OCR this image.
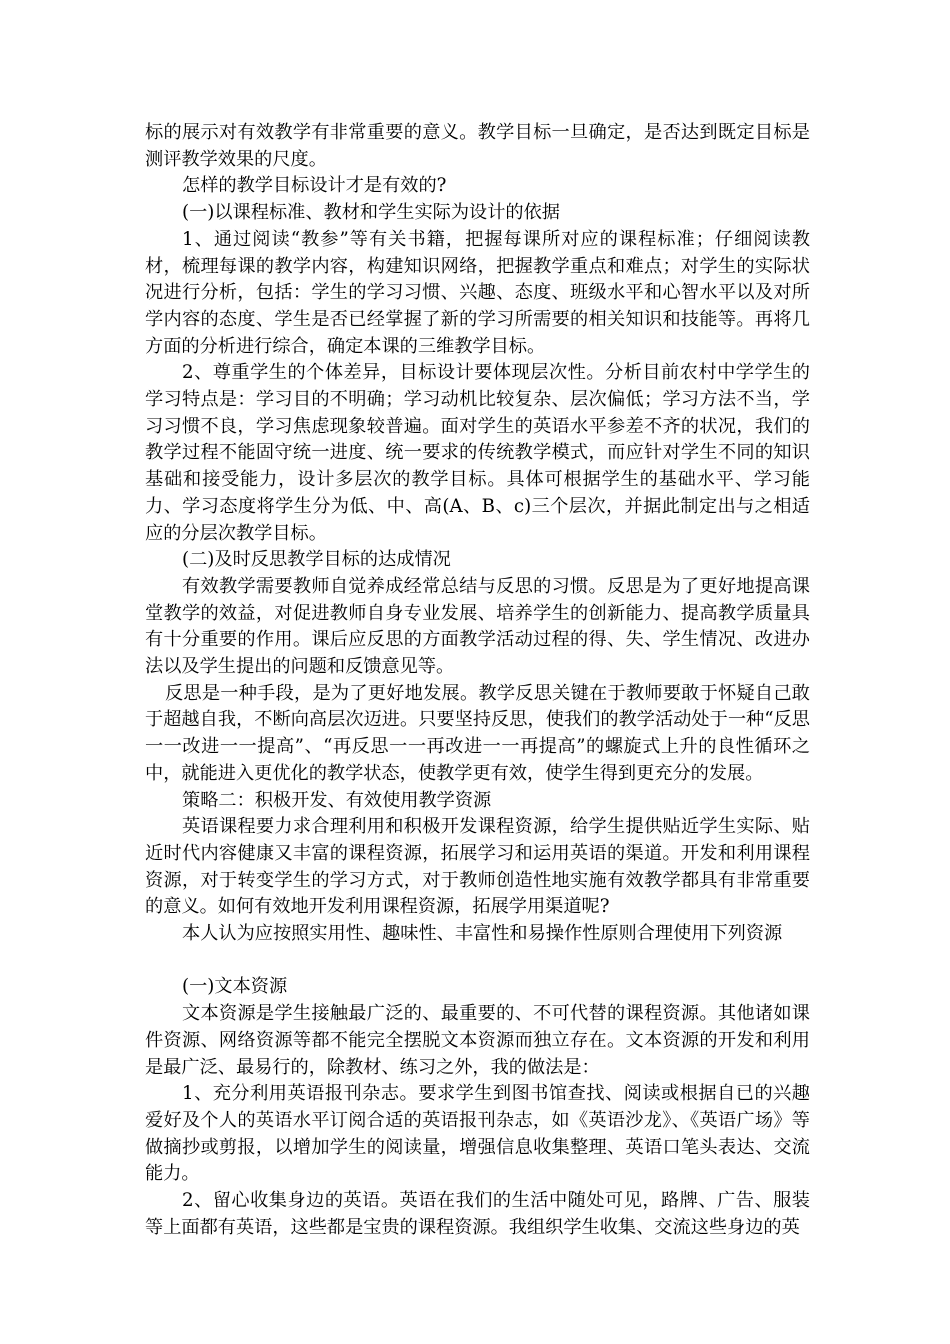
标的展示对有效教学有非常重要的意义。教学目标一旦确定，是否达到既定目标是测评教学效果的尺度。

怎样的教学目标设计才是有效的?

(一)以课程标准、教材和学生实际为设计的依据

1、通过阅读“教参”等有关书籍，把握每课所对应的课程标准；仔细阅读教材，梳理每课的教学内容，构建知识网络，把握教学重点和难点；对学生的实际状况进行分析，包括：学生的学习习惯、兴趣、态度、班级水平和心智水平以及对所学内容的态度、学生是否已经掌握了新的学习所需要的相关知识和技能等。再将几方面的分析进行综合，确定本课的三维教学目标。

2、尊重学生的个体差异，目标设计要体现层次性。分析目前农村中学学生的学习特点是：学习目的不明确；学习动机比较复杂、层次偏低；学习方法不当，学习习惯不良，学习焦虑现象较普遍。面对学生的英语水平参差不齐的状况，我们的教学过程不能固守统一进度、统一要求的传统教学模式，而应针对学生不同的知识基础和接受能力，设计多层次的教学目标。具体可根据学生的基础水平、学习能力、学习态度将学生分为低、中、高(A、B、c)三个层次，并据此制定出与之相适应的分层次教学目标。

(二)及时反思教学目标的达成情况

有效教学需要教师自觉养成经常总结与反思的习惯。反思是为了更好地提高课堂教学的效益，对促进教师自身专业发展、培养学生的创新能力、提高教学质量具有十分重要的作用。课后应反思的方面教学活动过程的得、失、学生情况、改进办法以及学生提出的问题和反馈意见等。

反思是一种手段，是为了更好地发展。教学反思关键在于教师要敢于怀疑自己敢于超越自我，不断向高层次迈进。只要坚持反思，使我们的教学活动处于一种“反思一一改进一一提高”、“再反思一一再改进一一再提高”的螺旋式上升的良性循环之中，就能进入更优化的教学状态，使教学更有效，使学生得到更充分的发展。

策略二：积极开发、有效使用教学资源

英语课程要力求合理利用和积极开发课程资源，给学生提供贴近学生实际、贴近时代内容健康又丰富的课程资源，拓展学习和运用英语的渠道。开发和利用课程资源，对于转变学生的学习方式，对于教师创造性地实施有效教学都具有非常重要的意义。如何有效地开发利用课程资源，拓展学用渠道呢?

本人认为应按照实用性、趣味性、丰富性和易操作性原则合理使用下列资源

(一)文本资源

文本资源是学生接触最广泛的、最重要的、不可代替的课程资源。其他诸如课件资源、网络资源等都不能完全摆脱文本资源而独立存在。文本资源的开发和利用是最广泛、最易行的，除教材、练习之外，我的做法是：

1、充分利用英语报刊杂志。要求学生到图书馆查找、阅读或根据自已的兴趣爱好及个人的英语水平订阅合适的英语报刊杂志，如《英语沙龙》、《英语广场》等做摘抄或剪报，以增加学生的阅读量，增强信息收集整理、英语口笔头表达、交流能力。

2、留心收集身边的英语。英语在我们的生活中随处可见，路牌、广告、服装等上面都有英语，这些都是宝贵的课程资源。我组织学生收集、交流这些身边的英
